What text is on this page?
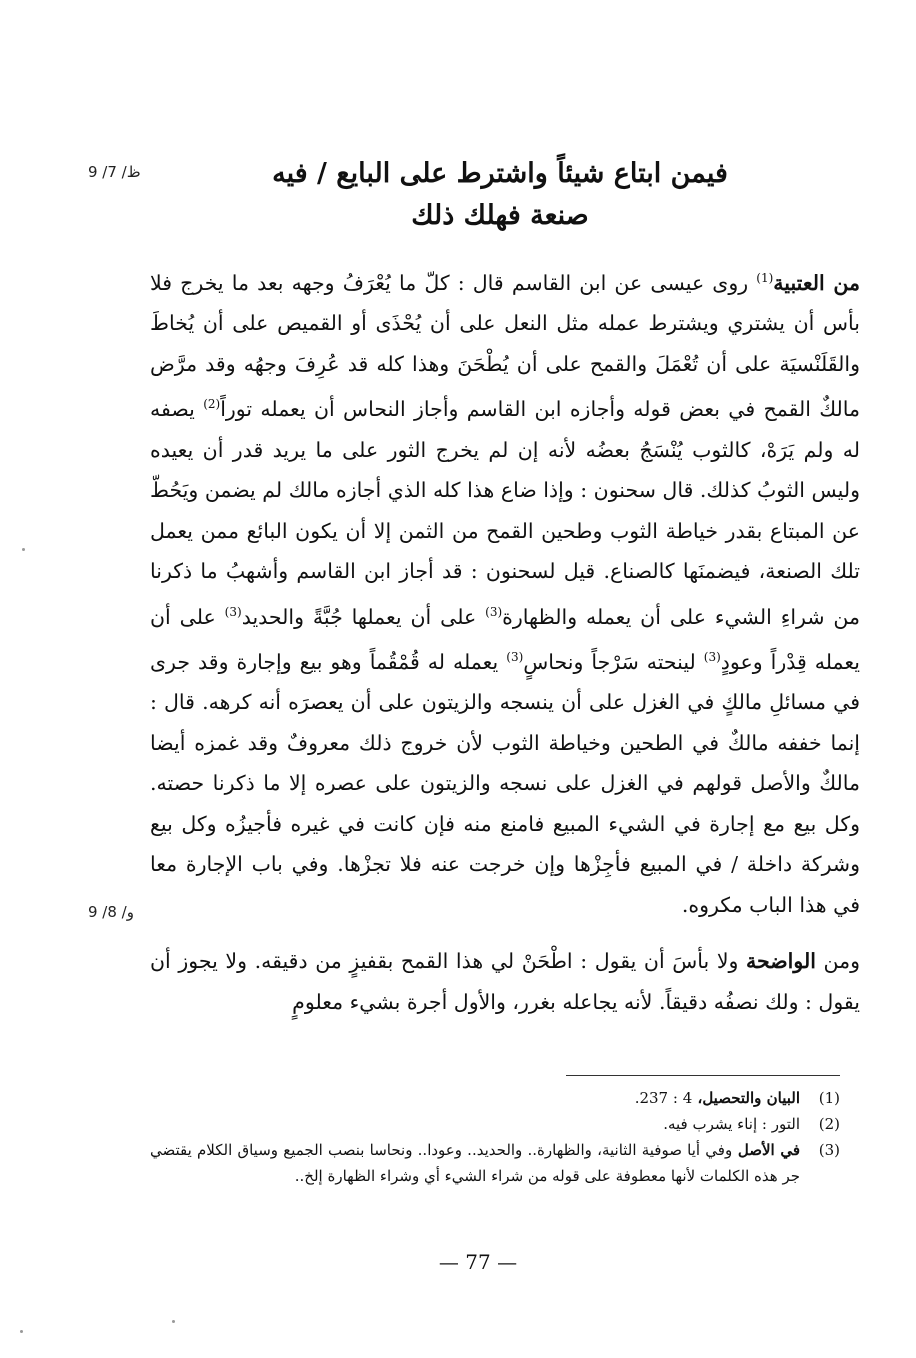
9 /7 /ظ
9 /8 /و
فيمن ابتاع شيئاً واشترط على البايع / فيه
صنعة فهلك ذلك

من العتبية$^{(1)}$ روى عيسى عن ابن القاسم قال : كلّ ما يُعْرَفُ وجهه بعد ما يخرج فلا بأس أن يشتري ويشترط عمله مثل النعل على أن يُحْذَى أو القميص على أن يُخاطَ والقَلَنْسيَة على أن تُعْمَلَ والقمح على أن يُطْحَنَ وهذا كله قد عُرِفَ وجهُه وقد مرَّض مالكٌ القمح في بعض قوله وأجازه ابن القاسم وأجاز النحاس أن يعمله توراً$^{(2)}$ يصفه له ولم يَرَهْ، كالثوب يُنْسَجُ بعضُه لأنه إن لم يخرج الثور على ما يريد قدر أن يعيده وليس الثوبُ كذلك. قال سحنون : وإذا ضاع هذا كله الذي أجازه مالك لم يضمن ويَحُطّ عن المبتاع بقدر خياطة الثوب وطحين القمح من الثمن إلا أن يكون البائع ممن يعمل تلك الصنعة، فيضمنَها كالصناع. قيل لسحنون : قد أجاز ابن القاسم وأشهبُ ما ذكرنا من شراءِ الشيء على أن يعمله والظهارة$^{(3)}$ على أن يعملها جُبَّةً والحديد$^{(3)}$ على أن يعمله قِدْراً وعودٍ$^{(3)}$ لينحته سَرْجاً ونحاسٍ$^{(3)}$ يعمله له قُمْقُماً وهو بيع وإجارة وقد جرى في مسائلِ مالكٍ في الغزل على أن ينسجه والزيتون على أن يعصرَه أنه كرهه. قال : إنما خففه مالكٌ في الطحين وخياطة الثوب لأن خروج ذلك معروفٌ وقد غمزه أيضا مالكٌ والأصل قولهم في الغزل على نسجه والزيتون على عصره إلا ما ذكرنا حصته. وكل بيع مع إجارة في الشيء المبيع فامنع منه فإن كانت في غيره فأجيزُه وكل بيع وشركة داخلة / في المبيع فأجِزْها وإن خرجت عنه فلا تجزْها. وفي باب الإجارة معا في هذا الباب مكروه.

ومن الواضحة ولا بأسَ أن يقول : اطْحَنْ لي هذا القمح بقفيزٍ من دقيقه. ولا يجوز أن يقول : ولك نصفُه دقيقاً. لأنه يجاعله بغرر، والأول أجرة بشيء معلومٍ

(1)
البيان والتحصيل، 4 : 237.
(2)
التور : إناء يشرب فيه.
(3)
في الأصل وفي أيا صوفية الثانية، والظهارة.. والحديد.. وعودا.. ونحاسا بنصب الجميع وسياق الكلام يقتضي جر هذه الكلمات لأنها معطوفة على قوله من شراء الشيء أي وشراء الظهارة إلخ..
— 77 —
